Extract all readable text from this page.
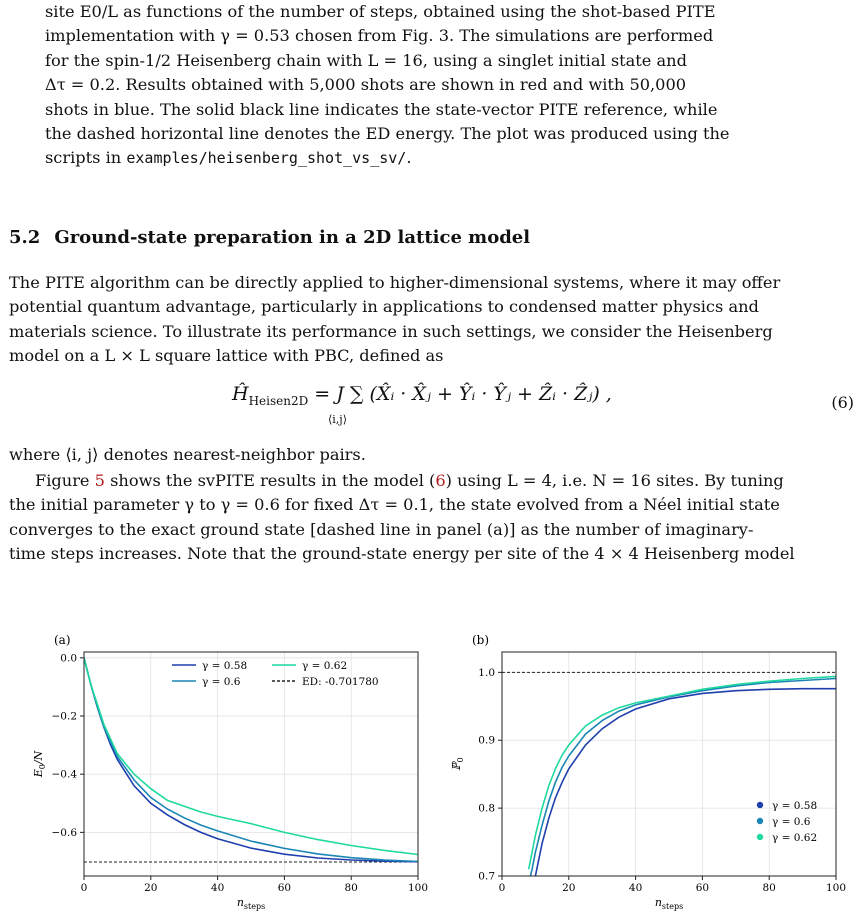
site E0/L as functions of the number of steps, obtained using the shot-based PITE

implementation with γ = 0.53 chosen from Fig. 3. The simulations are performed

for the spin-1/2 Heisenberg chain with L = 16, using a singlet initial state and

Δτ = 0.2. Results obtained with 5,000 shots are shown in red and with 50,000

shots in blue. The solid black line indicates the state-vector PITE reference, while

the dashed horizontal line denotes the ED energy. The plot was produced using the

scripts in examples/heisenberg_shot_vs_sv/.

5.2 Ground-state preparation in a 2D lattice model

The PITE algorithm can be directly applied to higher-dimensional systems, where it may offer

potential quantum advantage, particularly in applications to condensed matter physics and

materials science. To illustrate its performance in such settings, we consider the Heisenberg

model on a L × L square lattice with PBC, defined as

$Ĥ_{Heisen2D} = J$ ∑ (X̂ᵢ · X̂ⱼ + Ŷᵢ · Ŷⱼ + Ẑᵢ · Ẑⱼ) ,
⟨i,j⟩
(6)

where ⟨i, j⟩ denotes nearest-neighbor pairs.

Figure 5 shows the svPITE results in the model (6) using L = 4, i.e. N = 16 sites. By tuning

the initial parameter γ to γ = 0.6 for fixed Δτ = 0.1, the state evolved from a Néel initial state

converges to the exact ground state [dashed line in panel (a)] as the number of imaginary-

time steps increases. Note that the ground-state energy per site of the 4 × 4 Heisenberg model

(a)
0	20	40	60	80	100
0.0
−0.2
−0.4
−0.6
$n_{steps}$
$E_0/N$
γ = 0.58
γ = 0.6
γ = 0.62
ED: -0.701780
(b)
0	20	40	60	80	100
0.7
0.8
0.9
1.0
$n_{steps}$
ℙ$_0$
γ = 0.58
γ = 0.6
γ = 0.62
